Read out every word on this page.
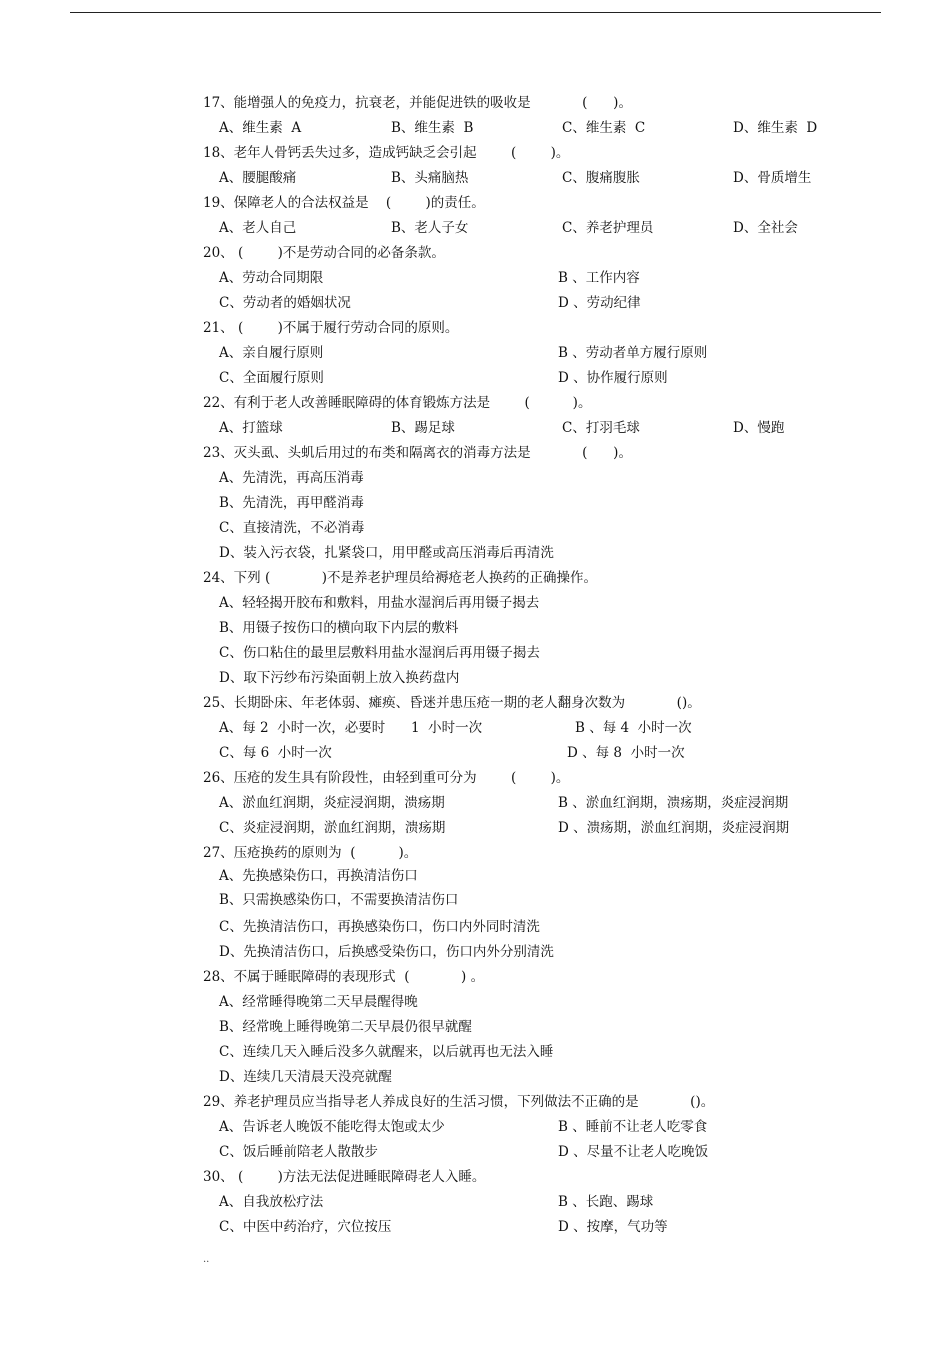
17、能增强人的免疫力，抗衰老，并能促进铁的吸收是            (      )。
A、维生素  A	B、维生素  B	C、维生素  C	D、维生素  D
18、老年人骨钙丢失过多，造成钙缺乏会引起        (        )。
A、腰腿酸痛	B、头痛脑热	C、腹痛腹胀	D、骨质增生
19、保障老人的合法权益是    (        )的责任。
A、老人自己	B、老人子女	C、养老护理员	D、全社会
20、 (        )不是劳动合同的必备条款。
A、劳动合同期限	B 、工作内容
C、劳动者的婚姻状况	D 、劳动纪律
21、 (        )不属于履行劳动合同的原则。
A、亲自履行原则	B 、劳动者单方履行原则
C、全面履行原则	D 、协作履行原则
22、有利于老人改善睡眠障碍的体育锻炼方法是        (          )。
A、打篮球	B、踢足球	C、打羽毛球	D、慢跑
23、灭头虱、头虮后用过的布类和隔离衣的消毒方法是            (      )。
A、先清洗，再高压消毒
B、先清洗，再甲醛消毒
C、直接清洗，不必消毒
D、装入污衣袋，扎紧袋口，用甲醛或高压消毒后再清洗
24、下列 (            )不是养老护理员给褥疮老人换药的正确操作。
A、轻轻揭开胶布和敷料，用盐水湿润后再用镊子揭去
B、用镊子按伤口的横向取下内层的敷料
C、伤口粘住的最里层敷料用盐水湿润后再用镊子揭去
D、取下污纱布污染面朝上放入换药盘内
25、长期卧床、年老体弱、瘫痪、昏迷并患压疮一期的老人翻身次数为            ()。
A、每 2  小时一次，必要时      1  小时一次	B 、每 4  小时一次
C、每 6  小时一次	D 、每 8  小时一次
26、压疮的发生具有阶段性，由轻到重可分为        (        )。
A、淤血红润期，炎症浸润期，溃疡期	B 、淤血红润期，溃疡期，炎症浸润期
C、炎症浸润期，淤血红润期，溃疡期	D 、溃疡期，淤血红润期，炎症浸润期
27、压疮换药的原则为  (          )。
A、先换感染伤口，再换清洁伤口
B、只需换感染伤口，不需要换清洁伤口
C、先换清洁伤口，再换感染伤口，伤口内外同时清洗
D、先换清洁伤口，后换感受染伤口，伤口内外分别清洗
28、不属于睡眠障碍的表现形式  (            ) 。
A、经常睡得晚第二天早晨醒得晚
B、经常晚上睡得晚第二天早晨仍很早就醒
C、连续几天入睡后没多久就醒来，以后就再也无法入睡
D、连续几天清晨天没亮就醒
29、养老护理员应当指导老人养成良好的生活习惯，下列做法不正确的是            ()。
A、告诉老人晚饭不能吃得太饱或太少	B 、睡前不让老人吃零食
C、饭后睡前陪老人散散步	D 、尽量不让老人吃晚饭
30、 (        )方法无法促进睡眠障碍老人入睡。
A、自我放松疗法	B 、长跑、踢球
C、中医中药治疗，穴位按压	D 、按摩，气功等
..
